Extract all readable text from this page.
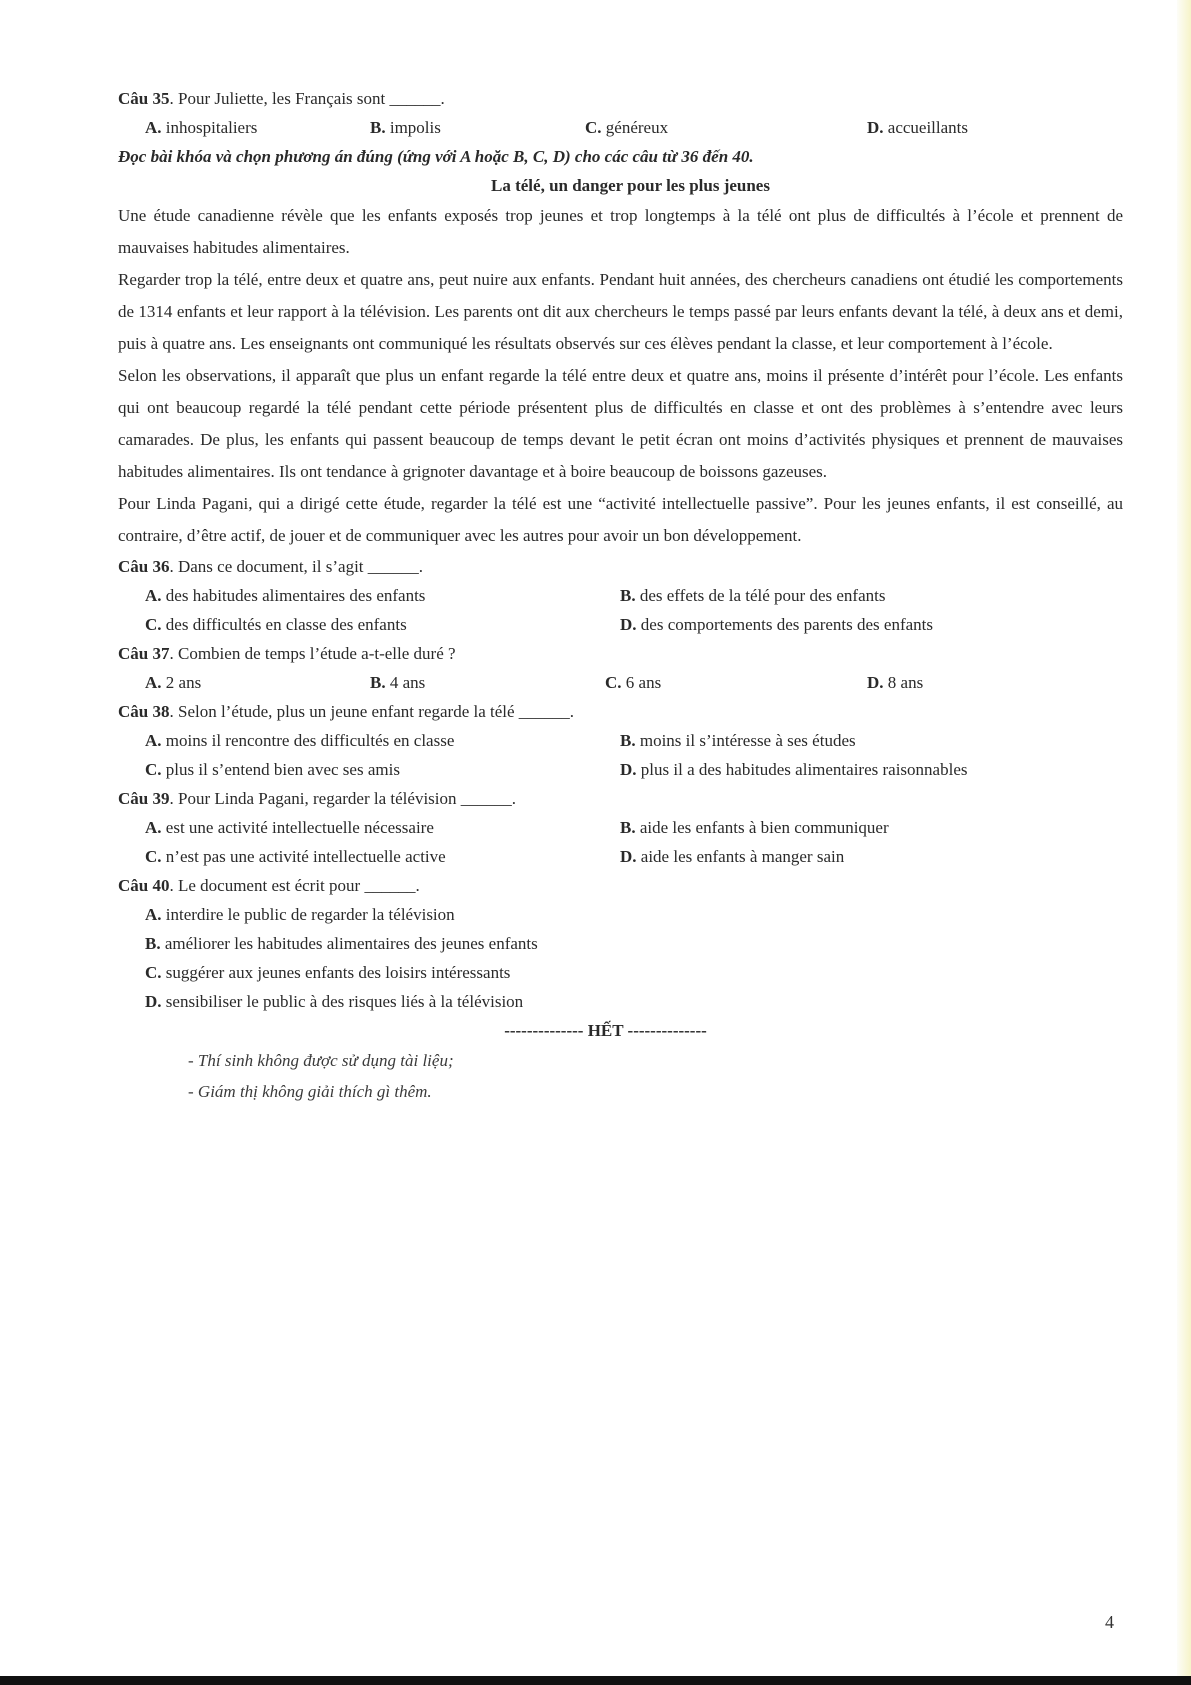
Câu 35. Pour Juliette, les Français sont ______.
A. inhospitaliers	B. impolis	C. généreux	D. accueillants
Đọc bài khóa và chọn phương án đúng (ứng với A hoặc B, C, D) cho các câu từ 36 đến 40.
La télé, un danger pour les plus jeunes
Une étude canadienne révèle que les enfants exposés trop jeunes et trop longtemps à la télé ont plus de difficultés à l’école et prennent de mauvaises habitudes alimentaires.
Regarder trop la télé, entre deux et quatre ans, peut nuire aux enfants. Pendant huit années, des chercheurs canadiens ont étudié les comportements de 1314 enfants et leur rapport à la télévision. Les parents ont dit aux chercheurs le temps passé par leurs enfants devant la télé, à deux ans et demi, puis à quatre ans. Les enseignants ont communiqué les résultats observés sur ces élèves pendant la classe, et leur comportement à l’école.
Selon les observations, il apparaît que plus un enfant regarde la télé entre deux et quatre ans, moins il présente d’intérêt pour l’école. Les enfants qui ont beaucoup regardé la télé pendant cette période présentent plus de difficultés en classe et ont des problèmes à s’entendre avec leurs camarades. De plus, les enfants qui passent beaucoup de temps devant le petit écran ont moins d’activités physiques et prennent de mauvaises habitudes alimentaires. Ils ont tendance à grignoter davantage et à boire beaucoup de boissons gazeuses.
Pour Linda Pagani, qui a dirigé cette étude, regarder la télé est une “activité intellectuelle passive”. Pour les jeunes enfants, il est conseillé, au contraire, d’être actif, de jouer et de communiquer avec les autres pour avoir un bon développement.
Câu 36. Dans ce document, il s’agit ______.
A. des habitudes alimentaires des enfants	B. des effets de la télé pour des enfants
C. des difficultés en classe des enfants	D. des comportements des parents des enfants
Câu 37. Combien de temps l’étude a-t-elle duré ?
A. 2 ans	B. 4 ans	C. 6 ans	D. 8 ans
Câu 38. Selon l’étude, plus un jeune enfant regarde la télé ______.
A. moins il rencontre des difficultés en classe	B. moins il s’intéresse à ses études
C. plus il s’entend bien avec ses amis	D. plus il a des habitudes alimentaires raisonnables
Câu 39. Pour Linda Pagani, regarder la télévision ______.
A. est une activité intellectuelle nécessaire	B. aide les enfants à bien communiquer
C. n’est pas une activité intellectuelle active	D. aide les enfants à manger sain
Câu 40. Le document est écrit pour ______.
A. interdire le public de regarder la télévision
B. améliorer les habitudes alimentaires des jeunes enfants
C. suggérer aux jeunes enfants des loisirs intéressants
D. sensibiliser le public à des risques liés à la télévision
-------------- HẾT --------------
- Thí sinh không được sử dụng tài liệu;
- Giám thị không giải thích gì thêm.
4
